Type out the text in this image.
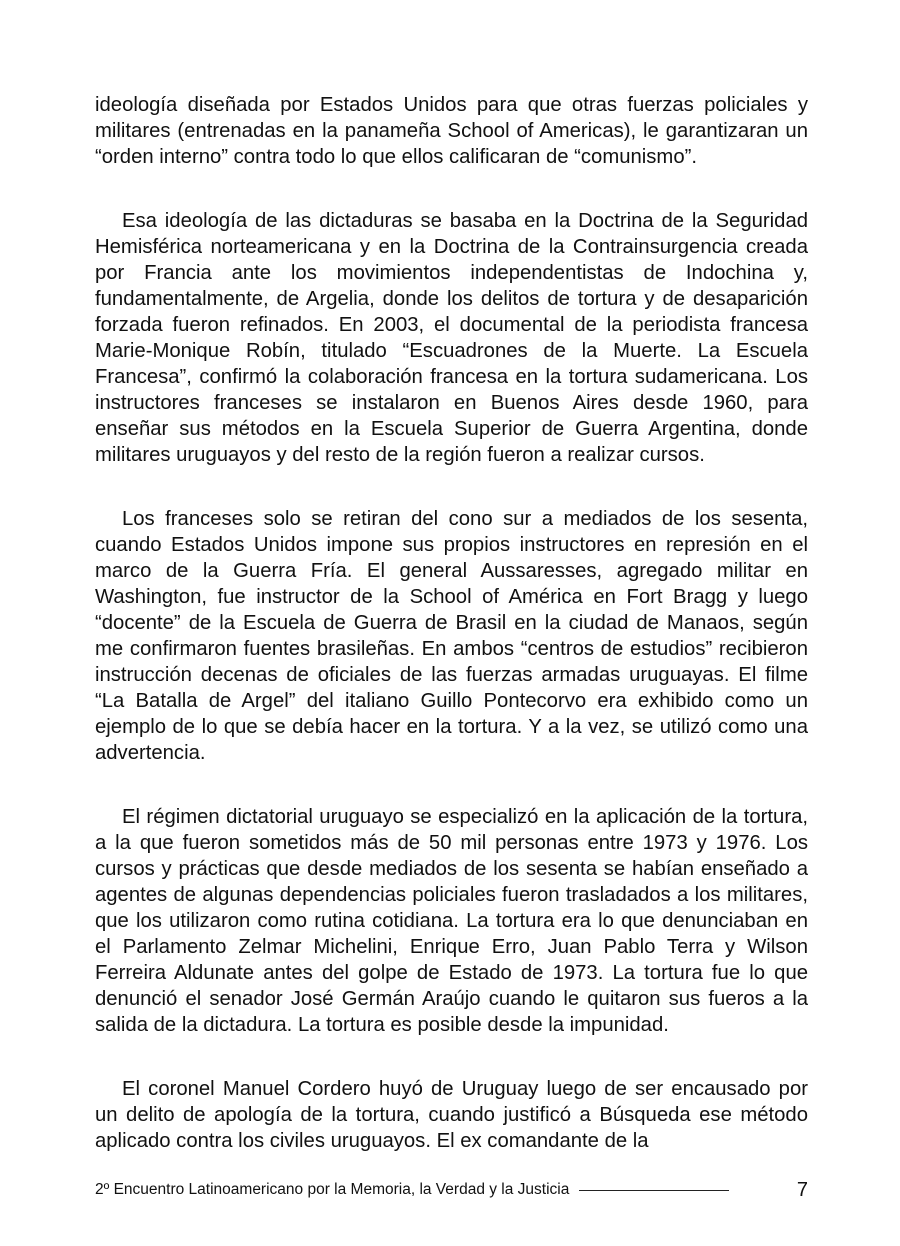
ideología diseñada por Estados Unidos para que otras fuerzas policiales y militares (entrenadas en la panameña School of Americas), le garantizaran un “orden interno” contra todo lo que ellos calificaran de “comunismo”.

Esa ideología de las dictaduras se basaba en la Doctrina de la Seguridad Hemisférica norteamericana y en la Doctrina de la Contrainsurgencia creada por Francia ante los movimientos independentistas de Indochina y, fundamentalmente, de Argelia, donde los delitos de tortura y de desaparición forzada fueron refinados. En 2003, el documental de la periodista francesa Marie-Monique Robín, titulado “Escuadrones de la Muerte. La Escuela Francesa”, confirmó la colaboración francesa en la tortura sudamericana. Los instructores franceses se instalaron en Buenos Aires desde 1960, para enseñar sus métodos en la Escuela Superior de Guerra Argentina, donde militares uruguayos y del resto de la región fueron a realizar cursos.

Los franceses solo se retiran del cono sur a mediados de los sesenta, cuando Estados Unidos impone sus propios instructores en represión en el marco de la Guerra Fría. El general Aussaresses, agregado militar en Washington, fue instructor de la School of América en Fort Bragg y luego “docente” de la Escuela de Guerra de Brasil en la ciudad de Manaos, según me confirmaron fuentes brasileñas. En ambos “centros de estudios” recibieron instrucción decenas de oficiales de las fuerzas armadas uruguayas. El filme “La Batalla de Argel” del italiano Guillo Pontecorvo era exhibido como un ejemplo de lo que se debía hacer en la tortura. Y a la vez, se utilizó como una advertencia.

El régimen dictatorial uruguayo se especializó en la aplicación de la tortura, a la que fueron sometidos más de 50 mil personas entre 1973 y 1976. Los cursos y prácticas que desde mediados de los sesenta se habían enseñado a agentes de algunas dependencias policiales fueron trasladados a los militares, que los utilizaron como rutina cotidiana. La tortura era lo que denunciaban en el Parlamento Zelmar Michelini, Enrique Erro, Juan Pablo Terra y Wilson Ferreira Aldunate antes del golpe de Estado de 1973. La tortura fue lo que denunció el senador José Germán Araújo cuando le quitaron sus fueros a la salida de la dictadura. La tortura es posible desde la impunidad.

El coronel Manuel Cordero huyó de Uruguay luego de ser encausado por un delito de apología de la tortura, cuando justificó a Búsqueda ese método aplicado contra los civiles uruguayos. El ex comandante de la

2º Encuentro Latinoamericano por la Memoria, la Verdad y la Justicia	7
